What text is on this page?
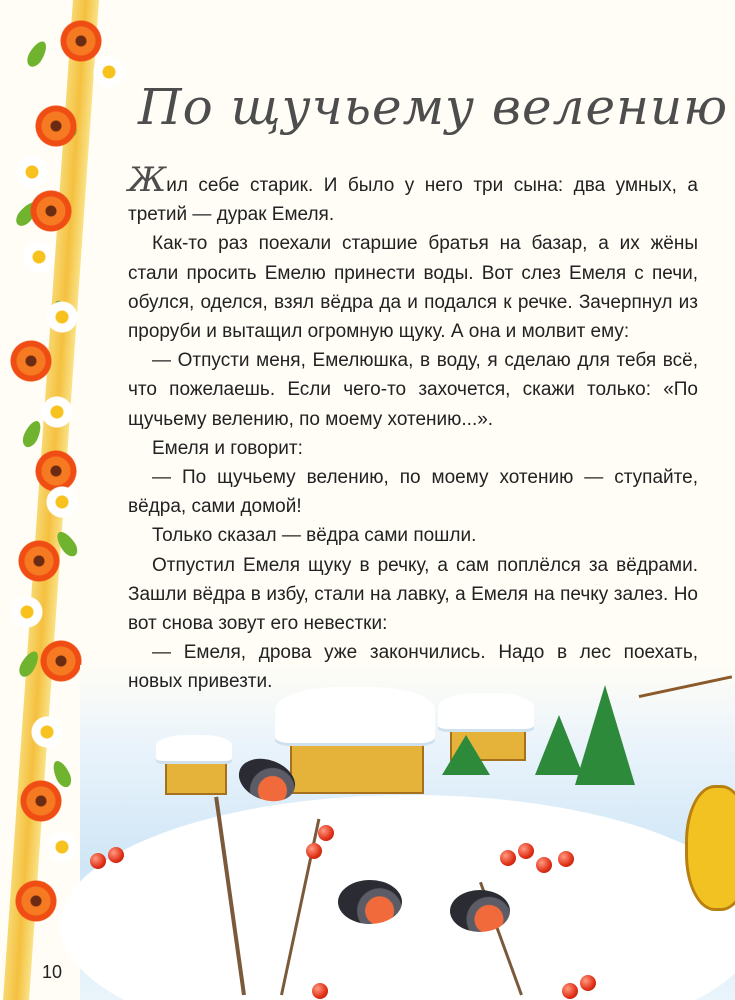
По щучьему велению

Жил себе старик. И было у него три сына: два умных, а третий — дурак Емеля.

Как-то раз поехали старшие братья на базар, а их жёны стали просить Емелю принести воды. Вот слез Емеля с печи, обулся, оделся, взял вёдра да и подался к речке. Зачерпнул из проруби и вытащил огромную щуку. А она и молвит ему:

— Отпусти меня, Емелюшка, в воду, я сделаю для тебя всё, что пожелаешь. Если чего-то захочется, скажи только: «По щучьему велению, по моему хотению...».

Емеля и говорит:

— По щучьему велению, по моему хотению — ступайте, вёдра, сами домой!

Только сказал — вёдра сами пошли.

Отпустил Емеля щуку в речку, а сам поплёлся за вёдрами. Зашли вёдра в избу, стали на лавку, а Емеля на печку залез. Но вот снова зовут его невестки:

— Емеля, дрова уже закончились. Надо в лес поехать, новых привезти.

10
